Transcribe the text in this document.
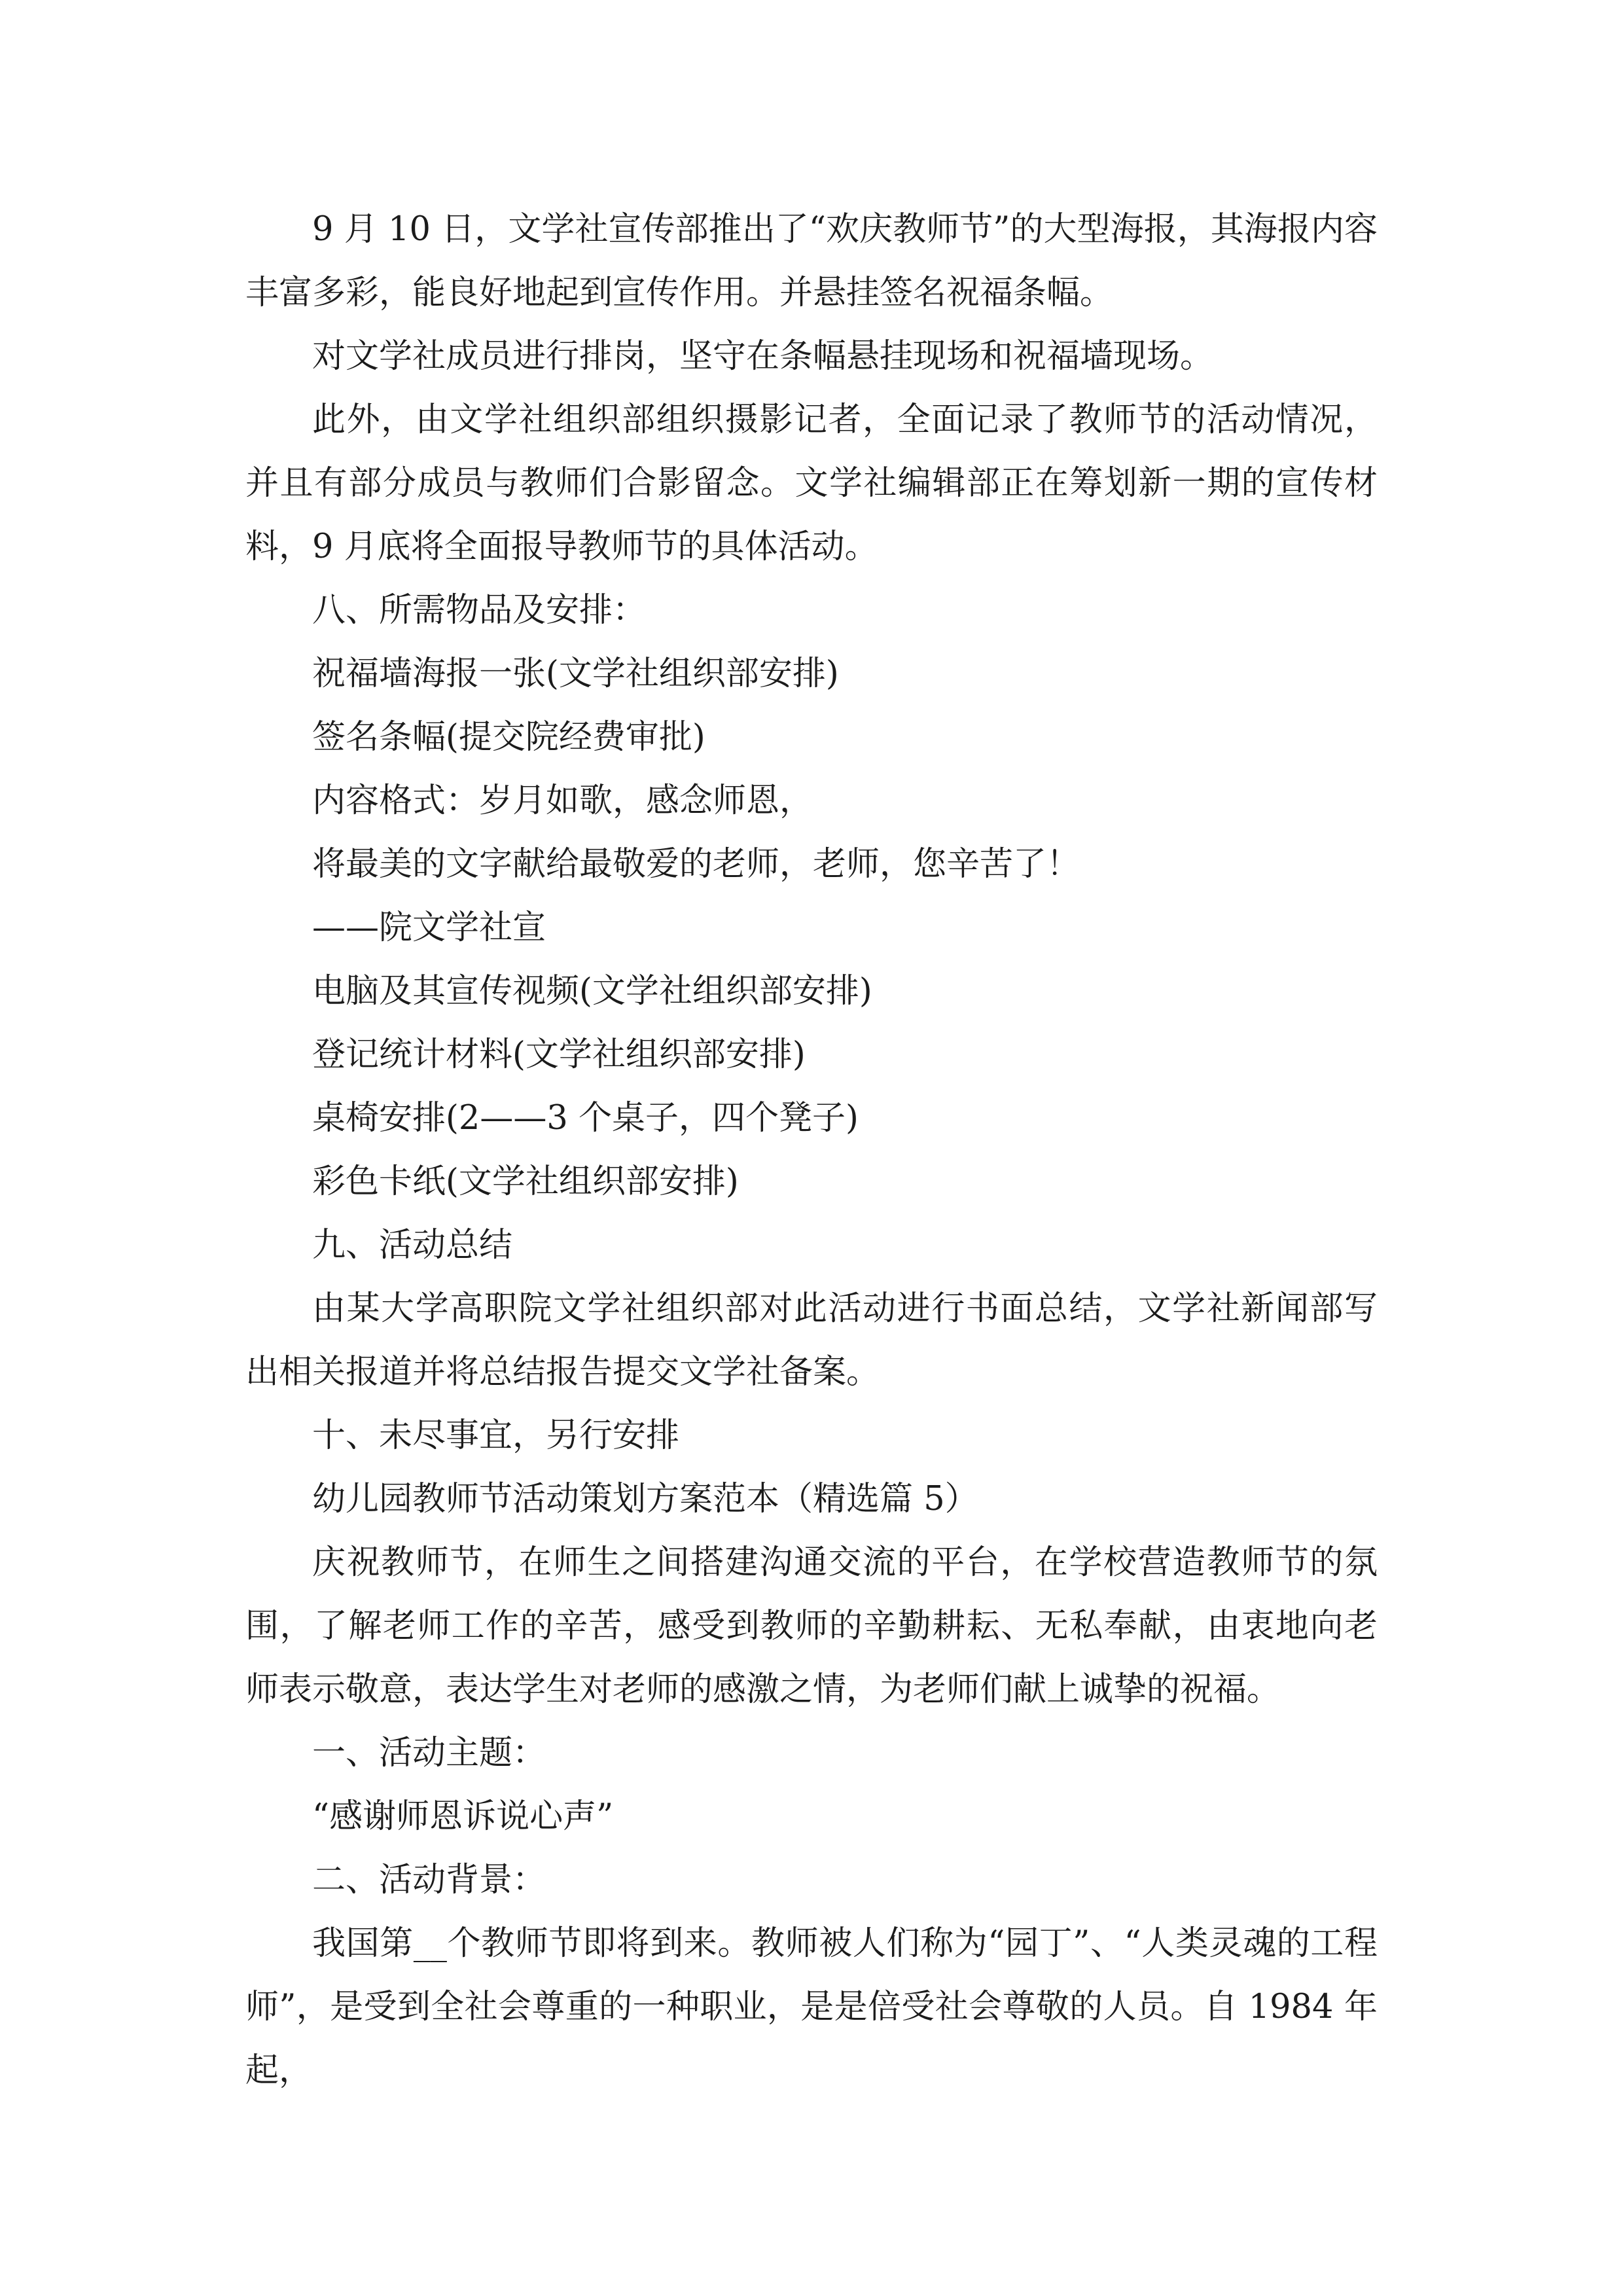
9 月 10 日，文学社宣传部推出了“欢庆教师节”的大型海报，其海报内容丰富多彩，能良好地起到宣传作用。并悬挂签名祝福条幅。

对文学社成员进行排岗，坚守在条幅悬挂现场和祝福墙现场。

此外，由文学社组织部组织摄影记者，全面记录了教师节的活动情况，并且有部分成员与教师们合影留念。文学社编辑部正在筹划新一期的宣传材料，9 月底将全面报导教师节的具体活动。

八、所需物品及安排：

祝福墙海报一张(文学社组织部安排)

签名条幅(提交院经费审批)

内容格式：岁月如歌，感念师恩，

将最美的文字献给最敬爱的老师，老师，您辛苦了！

——院文学社宣

电脑及其宣传视频(文学社组织部安排)

登记统计材料(文学社组织部安排)

桌椅安排(2——3 个桌子，四个凳子)

彩色卡纸(文学社组织部安排)

九、活动总结

由某大学高职院文学社组织部对此活动进行书面总结，文学社新闻部写出相关报道并将总结报告提交文学社备案。

十、未尽事宜，另行安排

幼儿园教师节活动策划方案范本（精选篇 5）

庆祝教师节，在师生之间搭建沟通交流的平台，在学校营造教师节的氛围，了解老师工作的辛苦，感受到教师的辛勤耕耘、无私奉献，由衷地向老师表示敬意，表达学生对老师的感激之情，为老师们献上诚挚的祝福。

一、活动主题：

“感谢师恩诉说心声”

二、活动背景：

我国第__个教师节即将到来。教师被人们称为“园丁”、“人类灵魂的工程师”，是受到全社会尊重的一种职业，是是倍受社会尊敬的人员。自 1984 年起，
